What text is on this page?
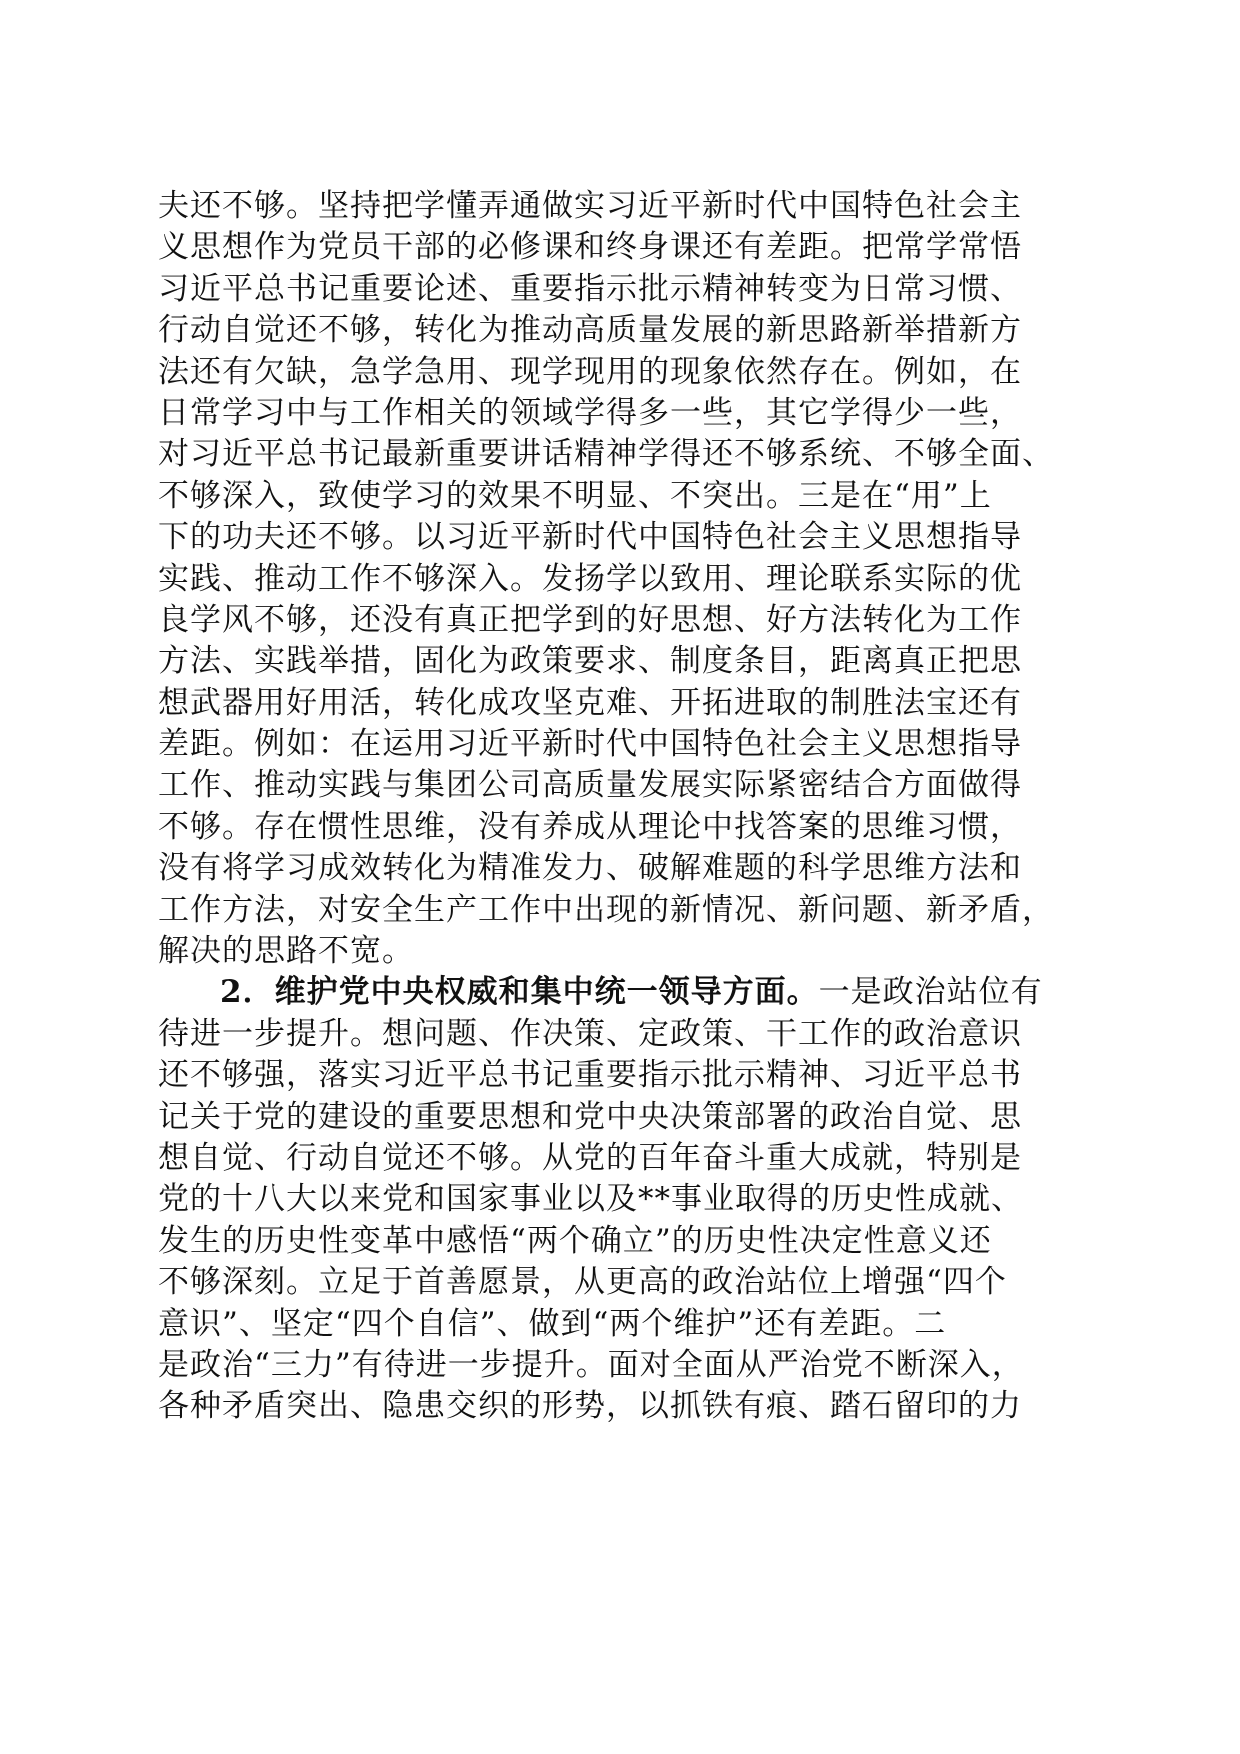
夫还不够。坚持把学懂弄通做实习近平新时代中国特色社会主
义思想作为党员干部的必修课和终身课还有差距。把常学常悟
习近平总书记重要论述、重要指示批示精神转变为日常习惯、
行动自觉还不够，转化为推动高质量发展的新思路新举措新方
法还有欠缺，急学急用、现学现用的现象依然存在。例如，在
日常学习中与工作相关的领域学得多一些，其它学得少一些，
对习近平总书记最新重要讲话精神学得还不够系统、不够全面、
不够深入，致使学习的效果不明显、不突出。三是在“用”上
下的功夫还不够。以习近平新时代中国特色社会主义思想指导
实践、推动工作不够深入。发扬学以致用、理论联系实际的优
良学风不够，还没有真正把学到的好思想、好方法转化为工作
方法、实践举措，固化为政策要求、制度条目，距离真正把思
想武器用好用活，转化成攻坚克难、开拓进取的制胜法宝还有
差距。例如：在运用习近平新时代中国特色社会主义思想指导
工作、推动实践与集团公司高质量发展实际紧密结合方面做得
不够。存在惯性思维，没有养成从理论中找答案的思维习惯，
没有将学习成效转化为精准发力、破解难题的科学思维方法和
工作方法，对安全生产工作中出现的新情况、新问题、新矛盾，
解决的思路不宽。
2．维护党中央权威和集中统一领导方面。一是政治站位有
待进一步提升。想问题、作决策、定政策、干工作的政治意识
还不够强，落实习近平总书记重要指示批示精神、习近平总书
记关于党的建设的重要思想和党中央决策部署的政治自觉、思
想自觉、行动自觉还不够。从党的百年奋斗重大成就，特别是
党的十八大以来党和国家事业以及**事业取得的历史性成就、
发生的历史性变革中感悟“两个确立”的历史性决定性意义还
不够深刻。立足于首善愿景，从更高的政治站位上增强“四个
意识”、坚定“四个自信”、做到“两个维护”还有差距。二
是政治“三力”有待进一步提升。面对全面从严治党不断深入，
各种矛盾突出、隐患交织的形势，以抓铁有痕、踏石留印的力
